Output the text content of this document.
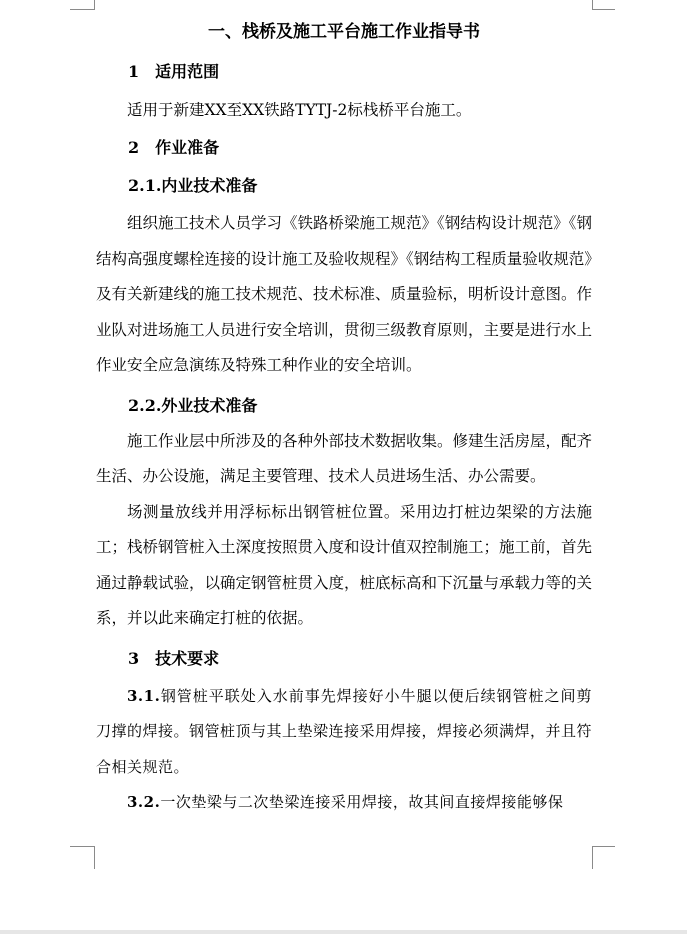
一、栈桥及施工平台施工作业指导书
1　适用范围

适用于新建XX至XX铁路TYTJ-2标栈桥平台施工。

2　作业准备
2.1.内业技术准备

组织施工技术人员学习《铁路桥梁施工规范》《钢结构设计规范》《钢结构高强度螺栓连接的设计施工及验收规程》《钢结构工程质量验收规范》及有关新建线的施工技术规范、技术标准、质量验标，明析设计意图。作业队对进场施工人员进行安全培训，贯彻三级教育原则，主要是进行水上作业安全应急演练及特殊工种作业的安全培训。

2.2.外业技术准备

施工作业层中所涉及的各种外部技术数据收集。修建生活房屋，配齐生活、办公设施，满足主要管理、技术人员进场生活、办公需要。

场测量放线并用浮标标出钢管桩位置。采用边打桩边架梁的方法施工；栈桥钢管桩入土深度按照贯入度和设计值双控制施工；施工前，首先通过静载试验，以确定钢管桩贯入度，桩底标高和下沉量与承载力等的关系，并以此来确定打桩的依据。

3　技术要求

3.1.钢管桩平联处入水前事先焊接好小牛腿以便后续钢管桩之间剪刀撑的焊接。钢管桩顶与其上垫梁连接采用焊接，焊接必须满焊，并且符合相关规范。

3.2.一次垫梁与二次垫梁连接采用焊接，故其间直接焊接能够保
